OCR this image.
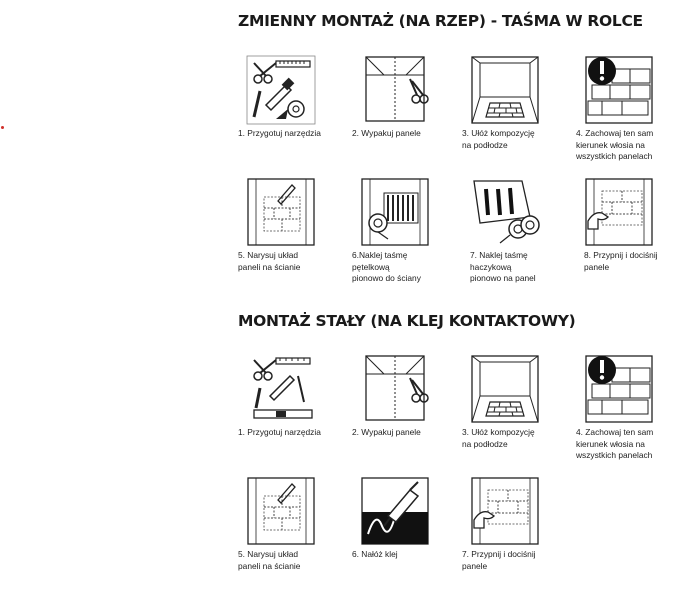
ZMIENNY MONTAŻ (NA RZEP) - TAŚMA W ROLCE
1. Przygotuj narzędzia	2. Wypakuj panele	3. Ułóż kompozycję
na podłodze
4. Zachowaj ten sam
kierunek włosia na
wszystkich panelach
5. Narysuj układ
paneli na ścianie
6.Naklej taśmę
pętelkową
pionowo do ściany
7. Naklej taśmę
haczykową
pionowo na panel
8. Przypnij i dociśnij
panele
MONTAŻ STAŁY (NA KLEJ KONTAKTOWY)
1. Przygotuj narzędzia	2. Wypakuj panele	3. Ułóż kompozycję
na podłodze
4. Zachowaj ten sam
kierunek włosia na
wszystkich panelach
5. Narysuj układ
paneli na ścianie
6. Nałóż klej	7. Przypnij i dociśnij
panele
